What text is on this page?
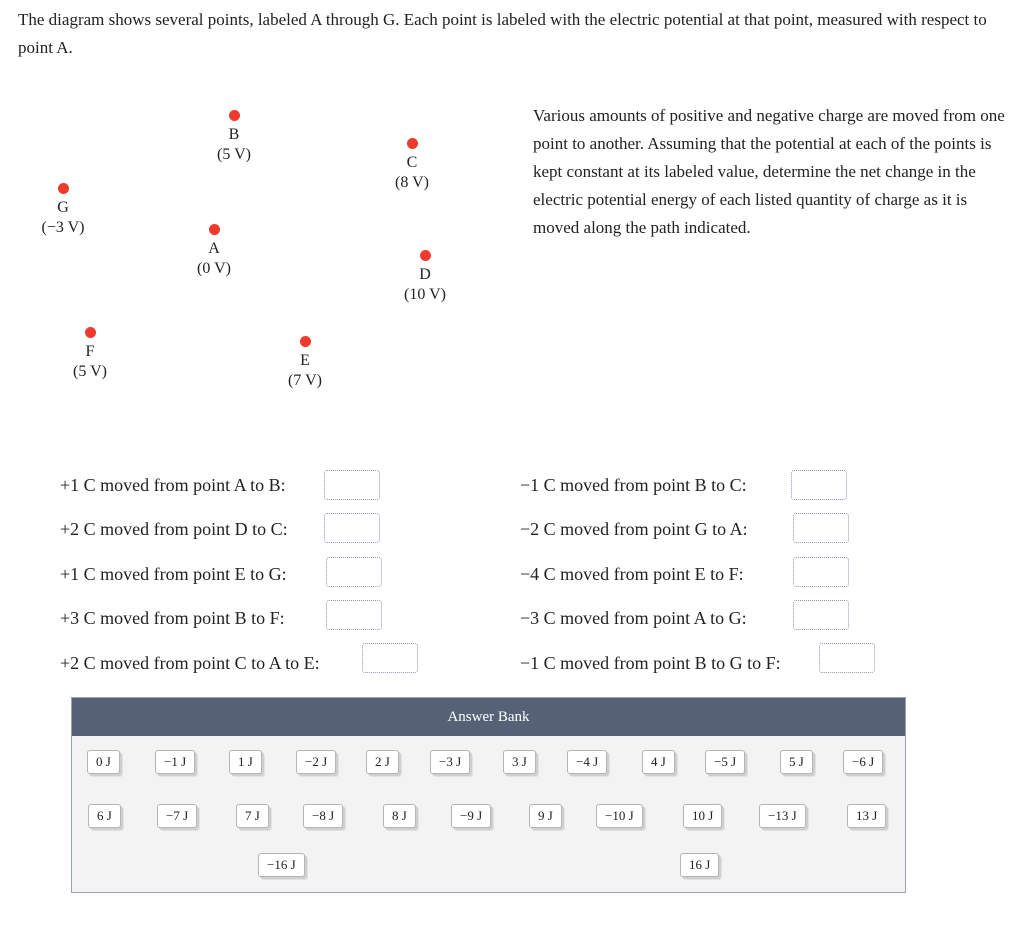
The diagram shows several points, labeled A through G. Each point is labeled with the electric potential at that point, measured with respect to point A.

Various amounts of positive and negative charge are moved from one point to another. Assuming that the potential at each of the points is kept constant at its labeled value, determine the net change in the electric potential energy of each listed quantity of charge as it is moved along the path indicated.

B
(5 V)	C
(8 V)
G
(−3 V)
A
(0 V)	D
(10 V)
F
(5 V)
E
(7 V)
+1 C moved from point A to B:
+2 C moved from point D to C:
+1 C moved from point E to G:
+3 C moved from point B to F:
+2 C moved from point C to A to E:
−1 C moved from point B to C:
−2 C moved from point G to A:
−4 C moved from point E to F:
−3 C moved from point A to G:
−1 C moved from point B to G to F:
Answer Bank
0 J	−1 J	1 J	−2 J	2 J	−3 J	3 J	−4 J	4 J	−5 J	5 J	−6 J
6 J	−7 J	7 J	−8 J	8 J	−9 J	9 J	−10 J	10 J	−13 J	13 J
−16 J	16 J
